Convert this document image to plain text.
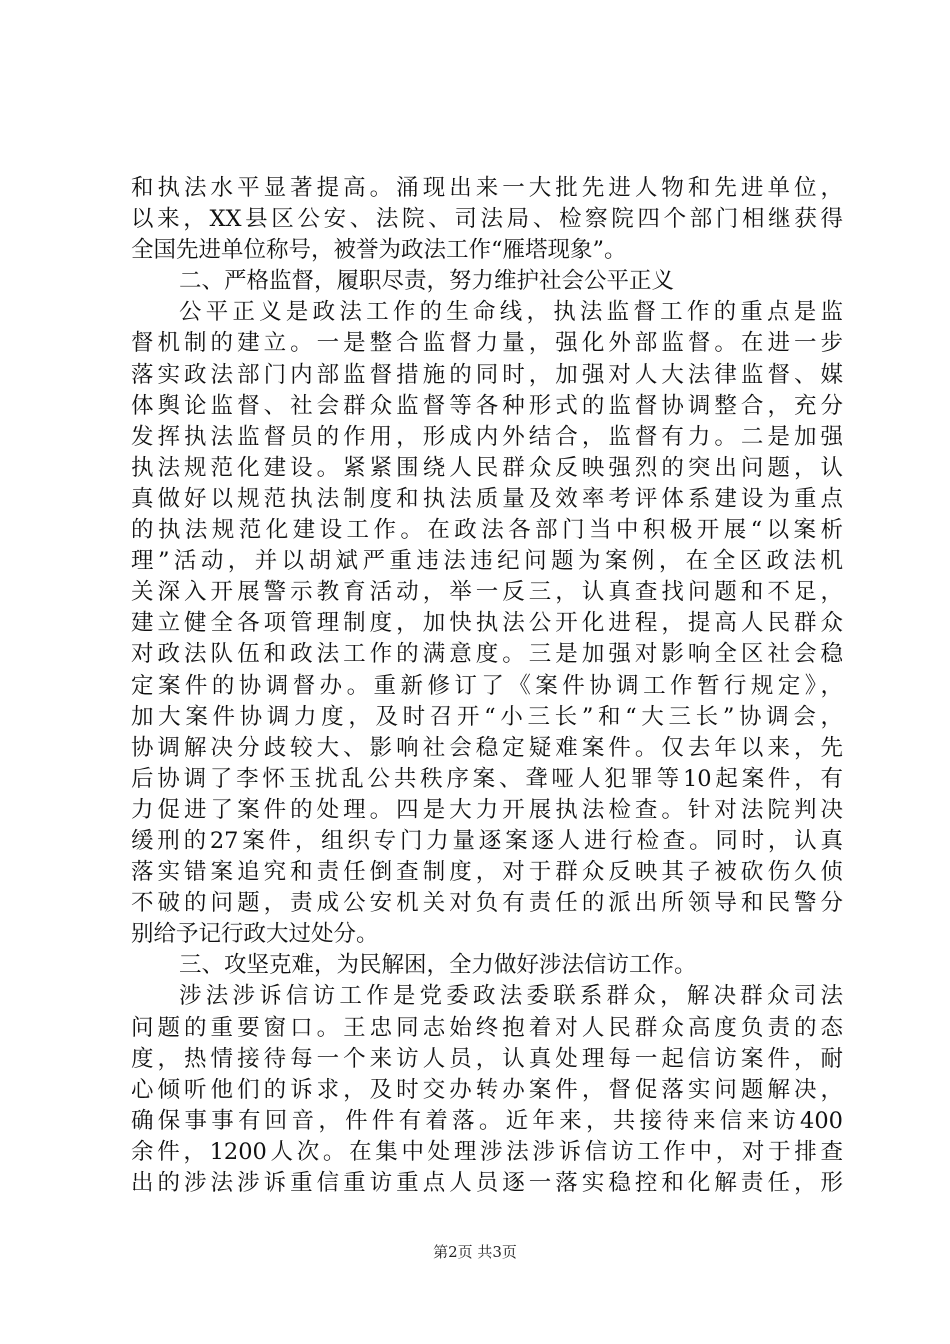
和执法水平显著提高。涌现出来一大批先进人物和先进单位，
以来，XX县区公安、法院、司法局、检察院四个部门相继获得
全国先进单位称号，被誉为政法工作“雁塔现象”。
二、严格监督，履职尽责，努力维护社会公平正义
公平正义是政法工作的生命线，执法监督工作的重点是监
督机制的建立。一是整合监督力量，强化外部监督。在进一步
落实政法部门内部监督措施的同时，加强对人大法律监督、媒
体舆论监督、社会群众监督等各种形式的监督协调整合，充分
发挥执法监督员的作用，形成内外结合，监督有力。二是加强
执法规范化建设。紧紧围绕人民群众反映强烈的突出问题，认
真做好以规范执法制度和执法质量及效率考评体系建设为重点
的执法规范化建设工作。在政法各部门当中积极开展“以案析
理”活动，并以胡斌严重违法违纪问题为案例，在全区政法机
关深入开展警示教育活动，举一反三，认真查找问题和不足，
建立健全各项管理制度，加快执法公开化进程，提高人民群众
对政法队伍和政法工作的满意度。三是加强对影响全区社会稳
定案件的协调督办。重新修订了《案件协调工作暂行规定》，
加大案件协调力度，及时召开“小三长”和“大三长”协调会，
协调解决分歧较大、影响社会稳定疑难案件。仅去年以来，先
后协调了李怀玉扰乱公共秩序案、聋哑人犯罪等10起案件，有
力促进了案件的处理。四是大力开展执法检查。针对法院判决
缓刑的27案件，组织专门力量逐案逐人进行检查。同时，认真
落实错案追究和责任倒查制度，对于群众反映其子被砍伤久侦
不破的问题，责成公安机关对负有责任的派出所领导和民警分
别给予记行政大过处分。
三、攻坚克难，为民解困，全力做好涉法信访工作。
涉法涉诉信访工作是党委政法委联系群众，解决群众司法
问题的重要窗口。王忠同志始终抱着对人民群众高度负责的态
度，热情接待每一个来访人员，认真处理每一起信访案件，耐
心倾听他们的诉求，及时交办转办案件，督促落实问题解决，
确保事事有回音，件件有着落。近年来，共接待来信来访400
余件，1200人次。在集中处理涉法涉诉信访工作中，对于排查
出的涉法涉诉重信重访重点人员逐一落实稳控和化解责任，形
第2页 共3页
